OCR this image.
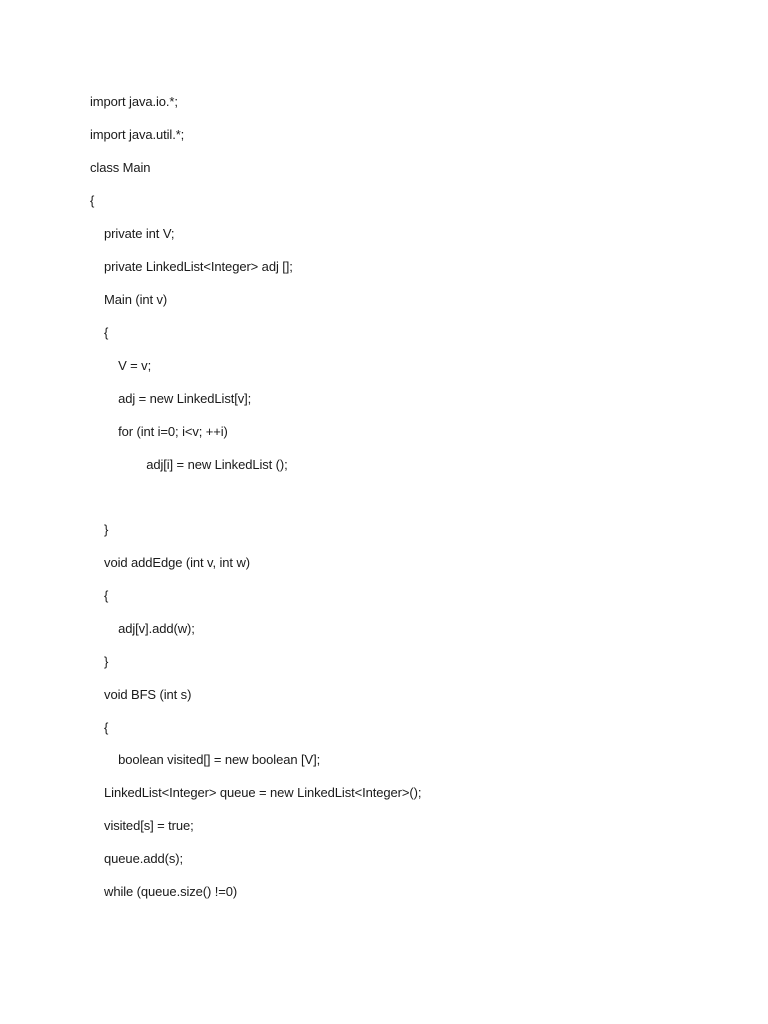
import java.io.*;
import java.util.*;
class Main
{
private int V;
private LinkedList<Integer> adj [];
Main (int v)
{
V = v;
adj = new LinkedList[v];
for (int i=0; i<v; ++i)
adj[i] = new LinkedList ();
}
void addEdge (int v, int w)
{
adj[v].add(w);
}
void BFS (int s)
{
boolean visited[] = new boolean [V];
LinkedList<Integer> queue = new LinkedList<Integer>();
visited[s] = true;
queue.add(s);
while (queue.size() !=0)
